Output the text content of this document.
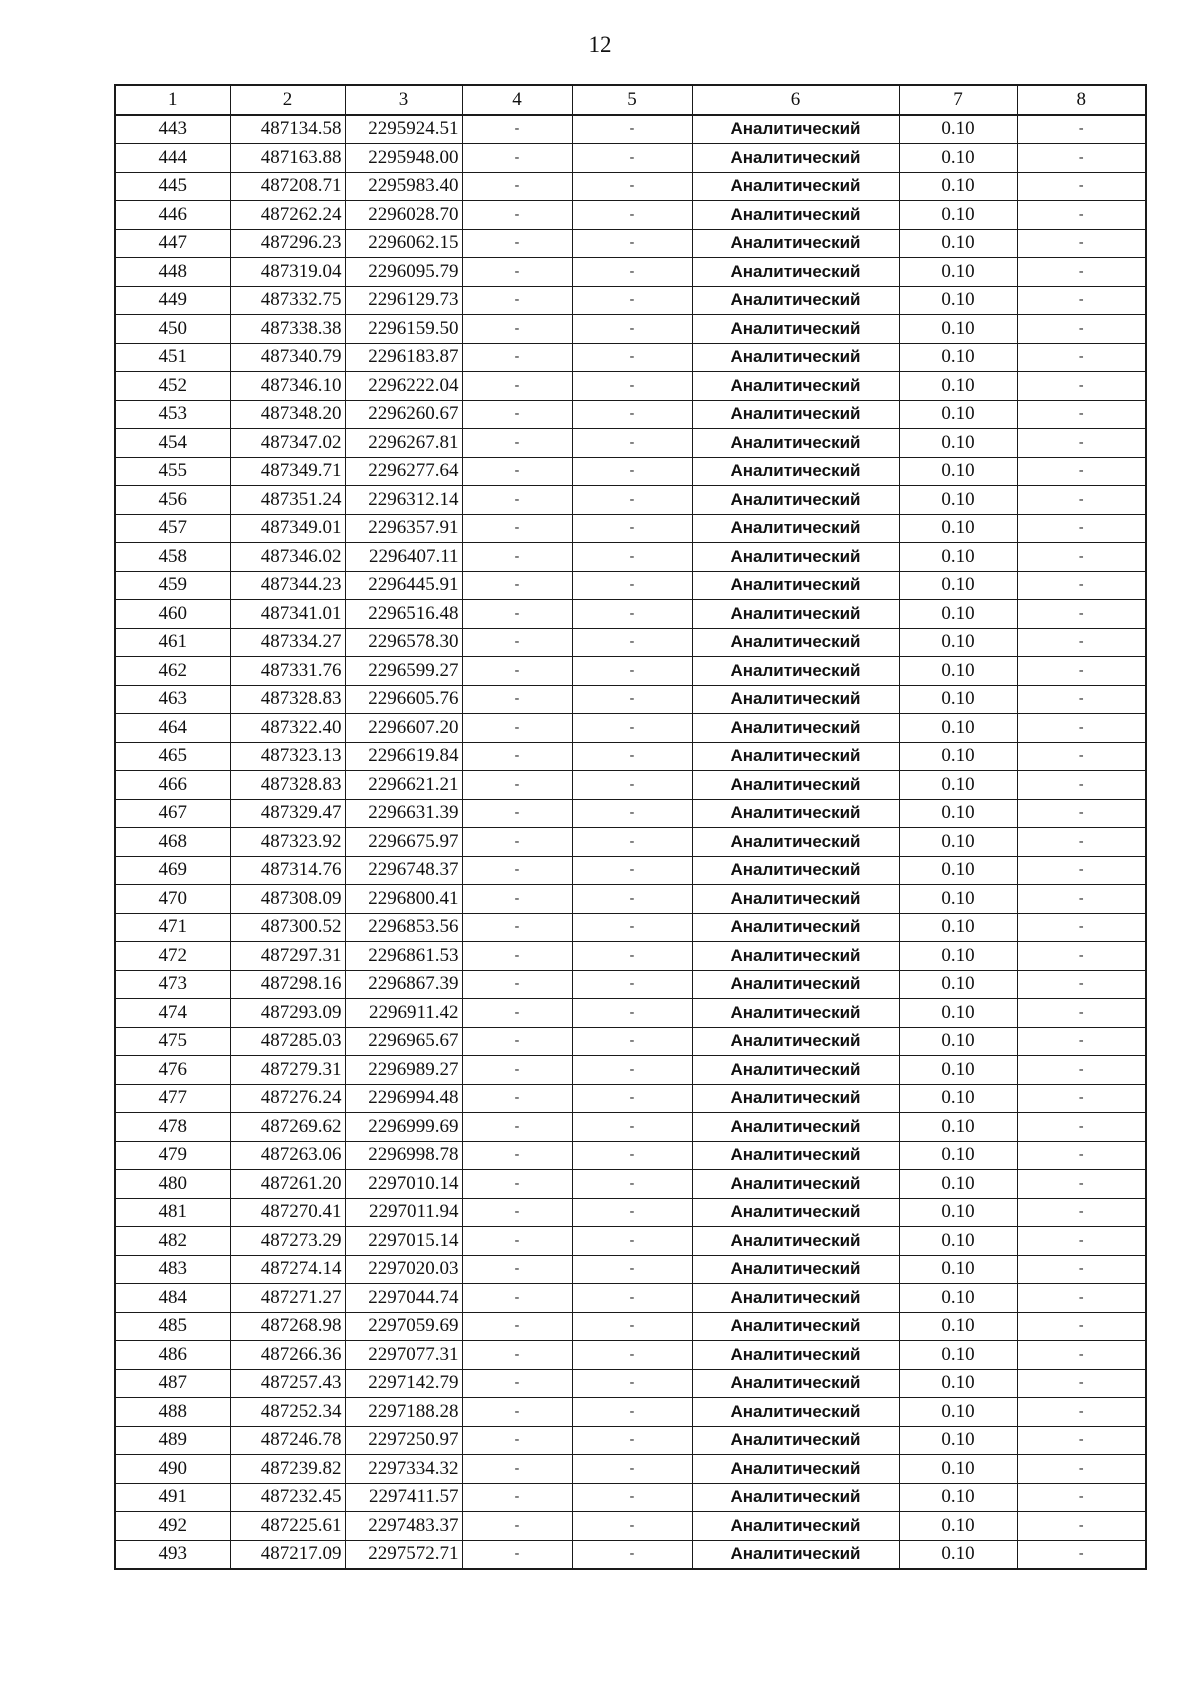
12
1	2	3	4	5	6	7	8
443	487134.58	2295924.51	-	-	Аналитический	0.10	-
444	487163.88	2295948.00	-	-	Аналитический	0.10	-
445	487208.71	2295983.40	-	-	Аналитический	0.10	-
446	487262.24	2296028.70	-	-	Аналитический	0.10	-
447	487296.23	2296062.15	-	-	Аналитический	0.10	-
448	487319.04	2296095.79	-	-	Аналитический	0.10	-
449	487332.75	2296129.73	-	-	Аналитический	0.10	-
450	487338.38	2296159.50	-	-	Аналитический	0.10	-
451	487340.79	2296183.87	-	-	Аналитический	0.10	-
452	487346.10	2296222.04	-	-	Аналитический	0.10	-
453	487348.20	2296260.67	-	-	Аналитический	0.10	-
454	487347.02	2296267.81	-	-	Аналитический	0.10	-
455	487349.71	2296277.64	-	-	Аналитический	0.10	-
456	487351.24	2296312.14	-	-	Аналитический	0.10	-
457	487349.01	2296357.91	-	-	Аналитический	0.10	-
458	487346.02	2296407.11	-	-	Аналитический	0.10	-
459	487344.23	2296445.91	-	-	Аналитический	0.10	-
460	487341.01	2296516.48	-	-	Аналитический	0.10	-
461	487334.27	2296578.30	-	-	Аналитический	0.10	-
462	487331.76	2296599.27	-	-	Аналитический	0.10	-
463	487328.83	2296605.76	-	-	Аналитический	0.10	-
464	487322.40	2296607.20	-	-	Аналитический	0.10	-
465	487323.13	2296619.84	-	-	Аналитический	0.10	-
466	487328.83	2296621.21	-	-	Аналитический	0.10	-
467	487329.47	2296631.39	-	-	Аналитический	0.10	-
468	487323.92	2296675.97	-	-	Аналитический	0.10	-
469	487314.76	2296748.37	-	-	Аналитический	0.10	-
470	487308.09	2296800.41	-	-	Аналитический	0.10	-
471	487300.52	2296853.56	-	-	Аналитический	0.10	-
472	487297.31	2296861.53	-	-	Аналитический	0.10	-
473	487298.16	2296867.39	-	-	Аналитический	0.10	-
474	487293.09	2296911.42	-	-	Аналитический	0.10	-
475	487285.03	2296965.67	-	-	Аналитический	0.10	-
476	487279.31	2296989.27	-	-	Аналитический	0.10	-
477	487276.24	2296994.48	-	-	Аналитический	0.10	-
478	487269.62	2296999.69	-	-	Аналитический	0.10	-
479	487263.06	2296998.78	-	-	Аналитический	0.10	-
480	487261.20	2297010.14	-	-	Аналитический	0.10	-
481	487270.41	2297011.94	-	-	Аналитический	0.10	-
482	487273.29	2297015.14	-	-	Аналитический	0.10	-
483	487274.14	2297020.03	-	-	Аналитический	0.10	-
484	487271.27	2297044.74	-	-	Аналитический	0.10	-
485	487268.98	2297059.69	-	-	Аналитический	0.10	-
486	487266.36	2297077.31	-	-	Аналитический	0.10	-
487	487257.43	2297142.79	-	-	Аналитический	0.10	-
488	487252.34	2297188.28	-	-	Аналитический	0.10	-
489	487246.78	2297250.97	-	-	Аналитический	0.10	-
490	487239.82	2297334.32	-	-	Аналитический	0.10	-
491	487232.45	2297411.57	-	-	Аналитический	0.10	-
492	487225.61	2297483.37	-	-	Аналитический	0.10	-
493	487217.09	2297572.71	-	-	Аналитический	0.10	-
